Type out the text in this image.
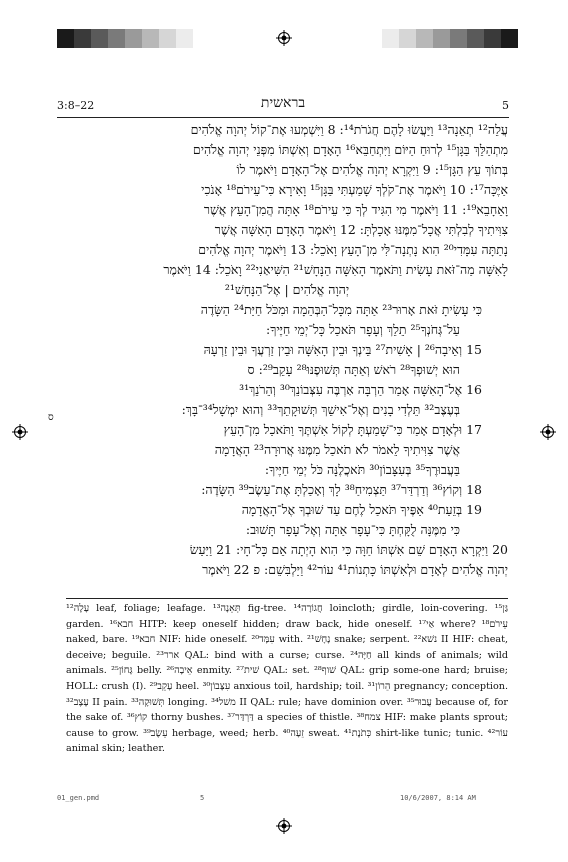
3:8–22	בראשית	5
עֲלֵה¹² תְאֵנָה¹³ וַיַּעֲשׂוּ לָהֶם חֲגֹרֹת¹⁴: 8 וַיִּשְׁמְעוּ אֶת־קוֹל יְהוָה אֱלֹהִים
מִתְהַלֵּךְ בַּגָּן¹⁵ לְרוּחַ הַיּוֹם וַיִּתְחַבֵּא¹⁶ הָאָדָם וְאִשְׁתּוֹ מִפְּנֵי יְהוָה אֱלֹהִים
בְּתוֹךְ עֵץ הַגָּן¹⁵: 9 וַיִּקְרָא יְהוָה אֱלֹהִים אֶל־הָאָדָם וַיֹּאמֶר לוֹ
אַיֶּכָּה¹⁷: 10 וַיֹּאמֶר אֶת־קֹלְךָ שָׁמַעְתִּי בַּגָּן¹⁵ וָאִירָא כִּי־עֵירֹם¹⁸ אָנֹכִי
וָאֵחָבֵא¹⁹: 11 וַיֹּאמֶר מִי הִגִּיד לְךָ כִּי עֵירֹם¹⁸ אָתָּה הֲמִן־הָעֵץ אֲשֶׁר
צִוִּיתִיךָ לְבִלְתִּי אֲכָל־מִמֶּנּוּ אָכָלְתָּ: 12 וַיֹּאמֶר הָאָדָם הָאִשָּׁה אֲשֶׁר
נָתַתָּה עִמָּדִי²⁰ הִוא נָתְנָה־לִּי מִן־הָעֵץ וָאֹכֵל: 13 וַיֹּאמֶר יְהוָה אֱלֹהִים
לָאִשָּׁה מַה־זֹּאת עָשִׂית וַתֹּאמֶר הָאִשָּׁה הַנָּחָשׁ²¹ הִשִּׁיאַנִי²² וָאֹכֵל: 14 וַיֹּאמֶר
יְהוָה אֱלֹהִים | אֶל־הַנָּחָשׁ²¹
כִּי עָשִׂיתָ זֹּאת אָרוּר²³ אַתָּה מִכָּל־הַבְּהֵמָה וּמִכֹּל חַיַּת²⁴ הַשָּׂדֶה
עַל־גְּחֹנְךָ²⁵ תֵלֵךְ וְעָפָר תֹּאכַל כָּל־יְמֵי חַיֶּיךָ:
15 וְאֵיבָה²⁶ | אָשִׁית²⁷ בֵּינְךָ וּבֵין הָאִשָּׁה וּבֵין זַרְעֲךָ וּבֵין זַרְעָהּ
הוּא יְשׁוּפְךָ²⁸ רֹאשׁ וְאַתָּה תְּשׁוּפֶנּוּ²⁸ עָקֵב²⁹: ס
16 אֶל־הָאִשָּׁה אָמַר הַרְבָּה אַרְבֶּה עִצְּבוֹנֵךְ³⁰ וְהֵרֹנֵךְ³¹
בְּעֶצֶב³² תֵּלְדִי בָנִים וְאֶל־אִישֵׁךְ תְּשׁוּקָתֵךְ³³ וְהוּא יִמְשָׁל³⁴־בָּךְ:
17 וּלְאָדָם אָמַר כִּי־שָׁמַעְתָּ לְקוֹל אִשְׁתֶּךָ וַתֹּאכַל מִן־הָעֵץ
אֲשֶׁר צִוִּיתִיךָ לֵאמֹר לֹא תֹאכַל מִמֶּנּוּ אֲרוּרָה²³ הָאֲדָמָה
בַּעֲבוּרֶךָ³⁵ בְּעִצָּבוֹן³⁰ תֹּאכֲלֶנָּה כֹּל יְמֵי חַיֶּיךָ:
18 וְקוֹץ³⁶ וְדַרְדַּר³⁷ תַּצְמִיחַ³⁸ לָךְ וְאָכַלְתָּ אֶת־עֵשֶׂב³⁹ הַשָּׂדֶה:
19 בְּזֵעַת⁴⁰ אַפֶּיךָ תֹּאכַל לֶחֶם עַד שׁוּבְךָ אֶל־הָאֲדָמָה
כִּי מִמֶּנָּה לֻקָּחְתָּ כִּי־עָפָר אַתָּה וְאֶל־עָפָר תָּשׁוּב:
20 וַיִּקְרָא הָאָדָם שֵׁם אִשְׁתּוֹ חַוָּה כִּי הִוא הָיְתָה אֵם כָּל־חָי: 21 וַיַּעַשׂ
יְהוָה אֱלֹהִים לְאָדָם וּלְאִשְׁתּוֹ כָּתְנוֹת⁴¹ עוֹר⁴² וַיַּלְבִּשֵׁם: פ 22 וַיֹּאמֶר
ס

¹²עָלֶה leaf, foliage; leafage. ¹³תְּאֵנָה fig-tree. ¹⁴חֲגוֹרָה loincloth; girdle, loin-covering. ¹⁵גַּן garden. ¹⁶חבא HITP: keep oneself hidden; draw back, hide oneself. ¹⁷אַי where? ¹⁸עֵירֹם naked, bare. ¹⁹חבא NIF: hide oneself. ²⁰עִמָּד with. ²¹נָחָשׁ snake; serpent. ²²נשׁא II HIF: cheat, deceive; beguile. ²³ארר QAL: bind with a curse; curse. ²⁴חַיָּה all kinds of animals; wild animals. ²⁵גָּחוֹן belly. ²⁶אֵיבָה enmity. ²⁷שׁית QAL: set. ²⁸שׁוף QAL: grip some-one hard; bruise; HOLL: crush (I). ²⁹עָקֵב heel. ³⁰עִצָּבוֹן anxious toil, hardship; toil. ³¹הֵרוֹן pregnancy; conception. ³²עֶצֶב II pain. ³³תְּשׁוּקָה longing. ³⁴משׁל II QAL: rule; have dominion over. ³⁵עֲבוּר because of, for the sake of. ³⁶קוֹץ thorny bushes. ³⁷דַּרְדַּר a species of thistle. ³⁸צמח HIF: make plants sprout; cause to grow. ³⁹עֵשֶׂב herbage, weed; herb. ⁴⁰זֵעָה sweat. ⁴¹כְּתֹנֶת shirt-like tunic; tunic. ⁴²עוֹר animal skin; leather.

01_gen.pmd	5	10/6/2007, 8:14 AM
